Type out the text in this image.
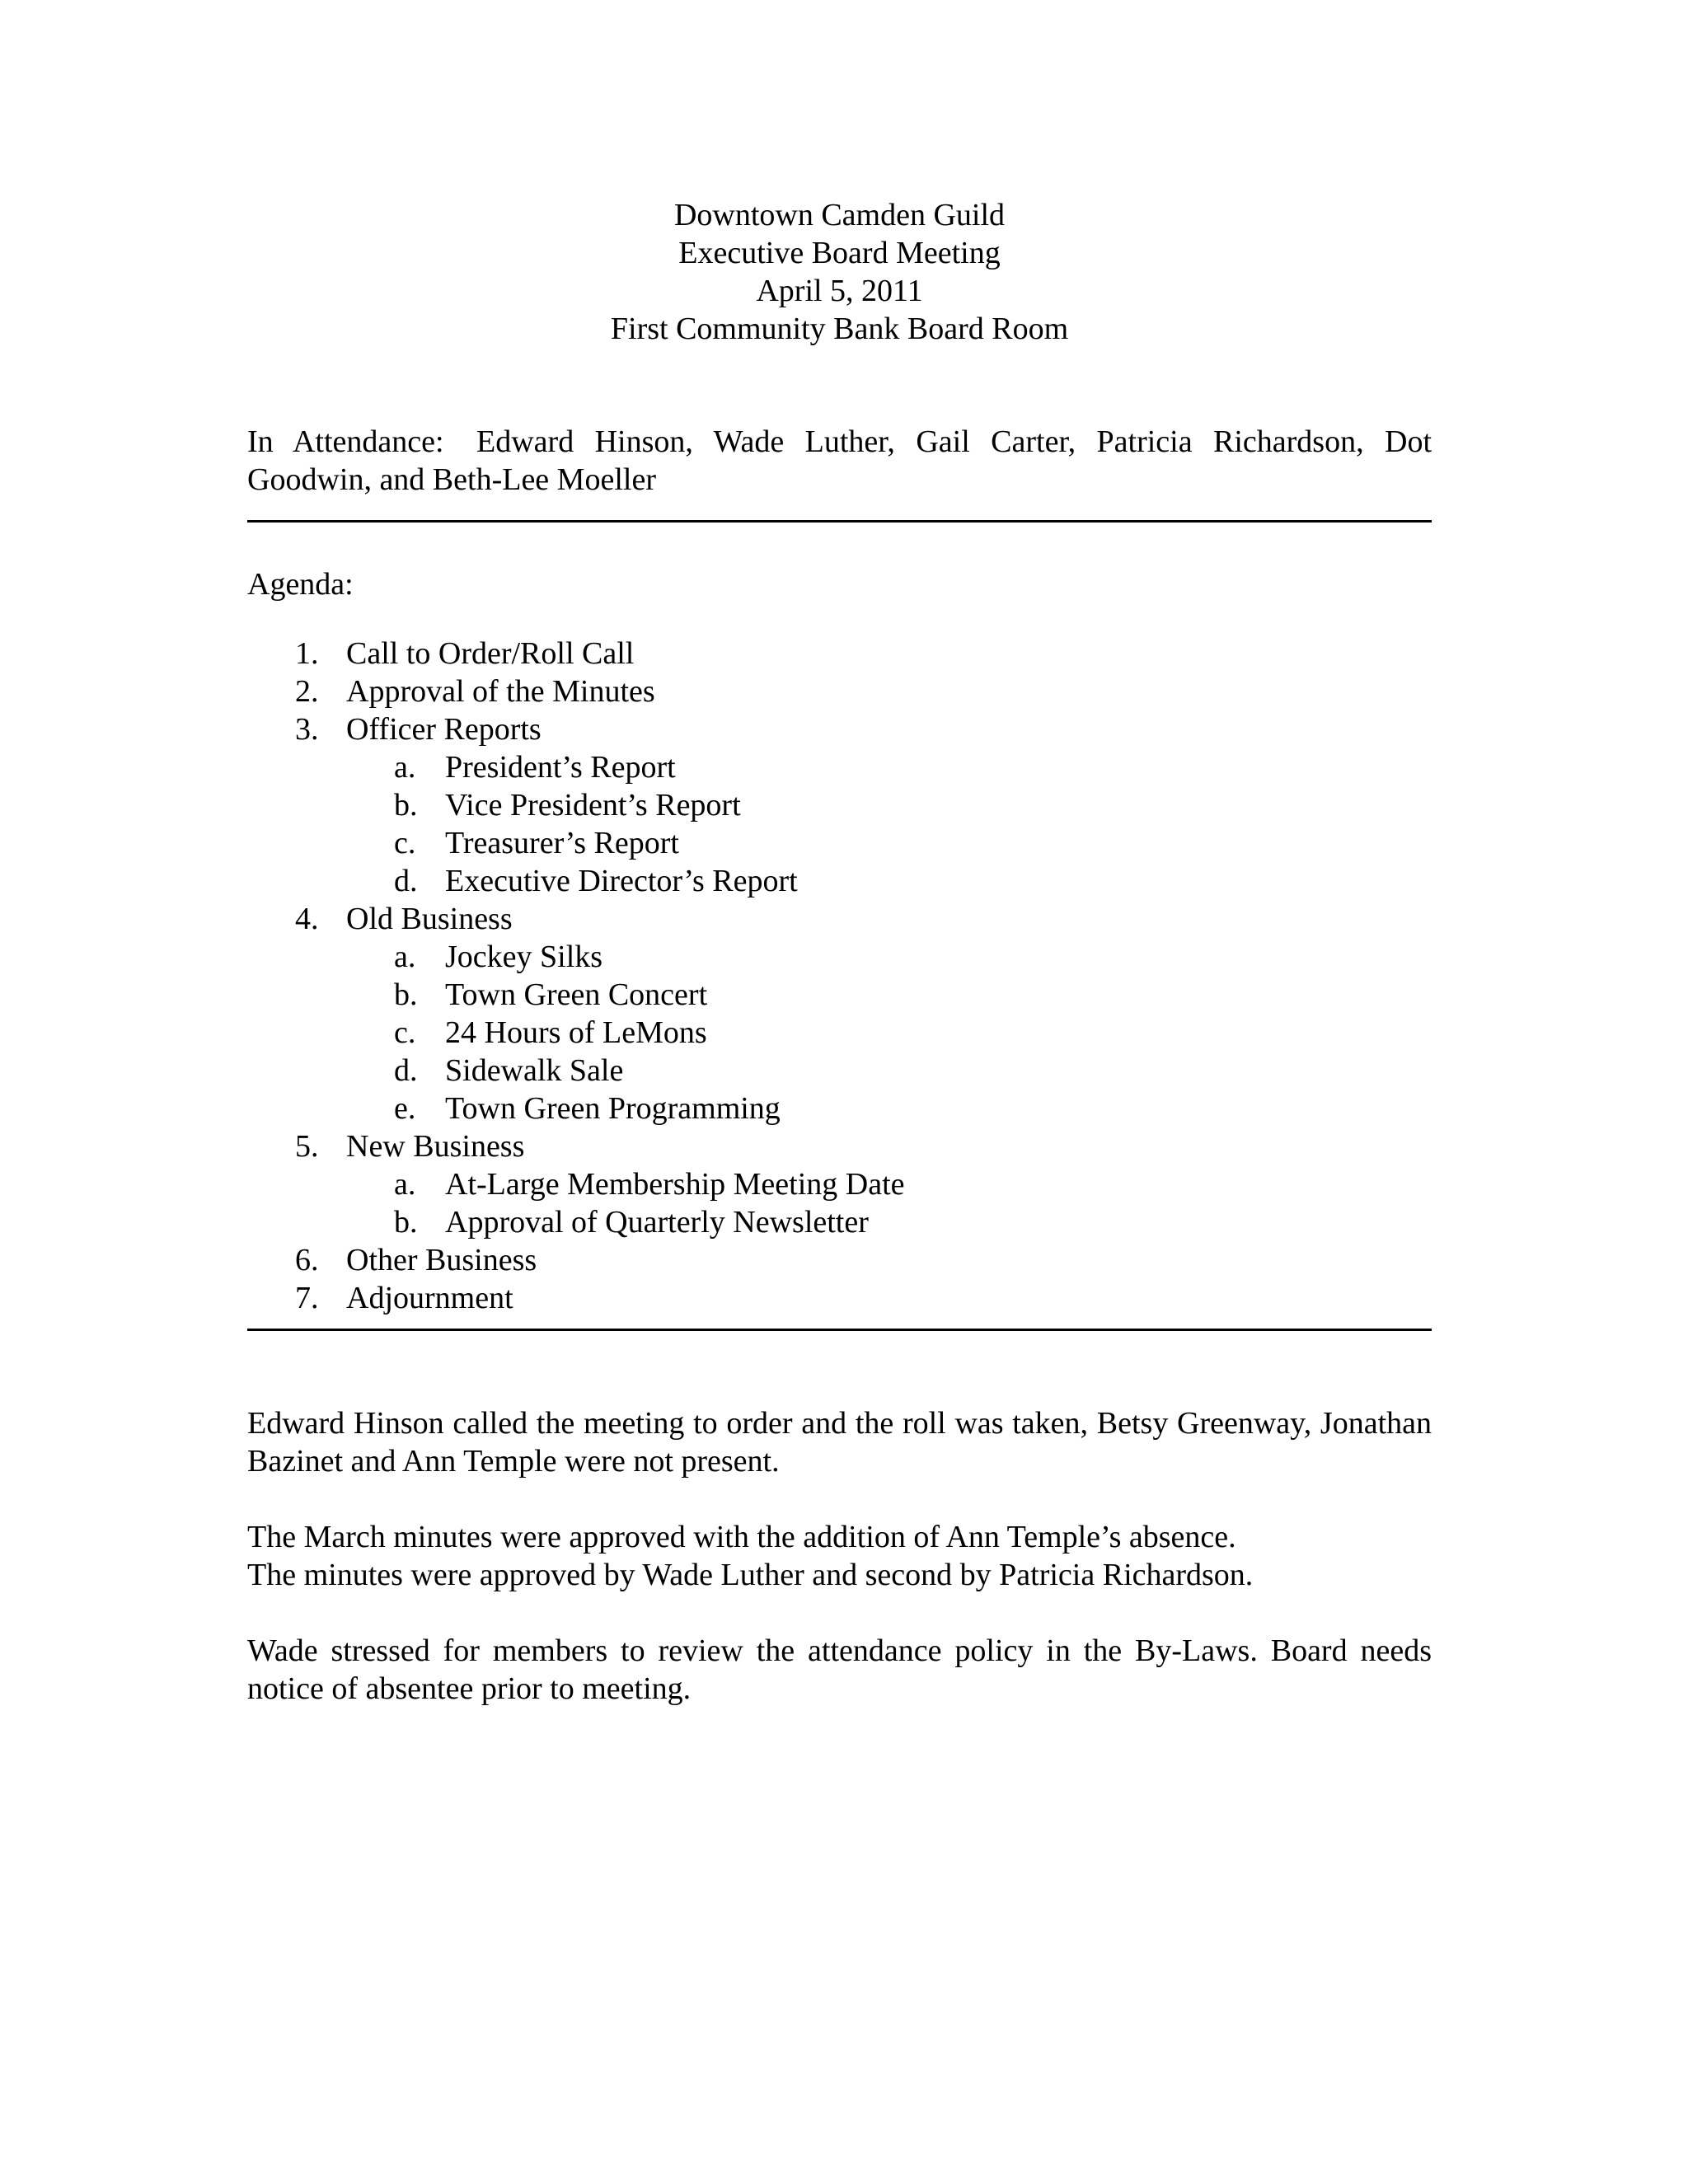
Downtown Camden Guild
Executive Board Meeting
April 5, 2011
First Community Bank Board Room

In Attendance: Edward Hinson, Wade Luther, Gail Carter, Patricia Richardson, Dot Goodwin, and Beth-Lee Moeller

Agenda:
1. Call to Order/Roll Call
2. Approval of the Minutes
3. Officer Reports
a. President’s Report
b. Vice President’s Report
c. Treasurer’s Report
d. Executive Director’s Report
4. Old Business
a. Jockey Silks
b. Town Green Concert
c. 24 Hours of LeMons
d. Sidewalk Sale
e. Town Green Programming
5. New Business
a. At-Large Membership Meeting Date
b. Approval of Quarterly Newsletter
6. Other Business
7. Adjournment

Edward Hinson called the meeting to order and the roll was taken, Betsy Greenway, Jonathan Bazinet and Ann Temple were not present.

The March minutes were approved with the addition of Ann Temple’s absence.
The minutes were approved by Wade Luther and second by Patricia Richardson.

Wade stressed for members to review the attendance policy in the By-Laws. Board needs notice of absentee prior to meeting.
